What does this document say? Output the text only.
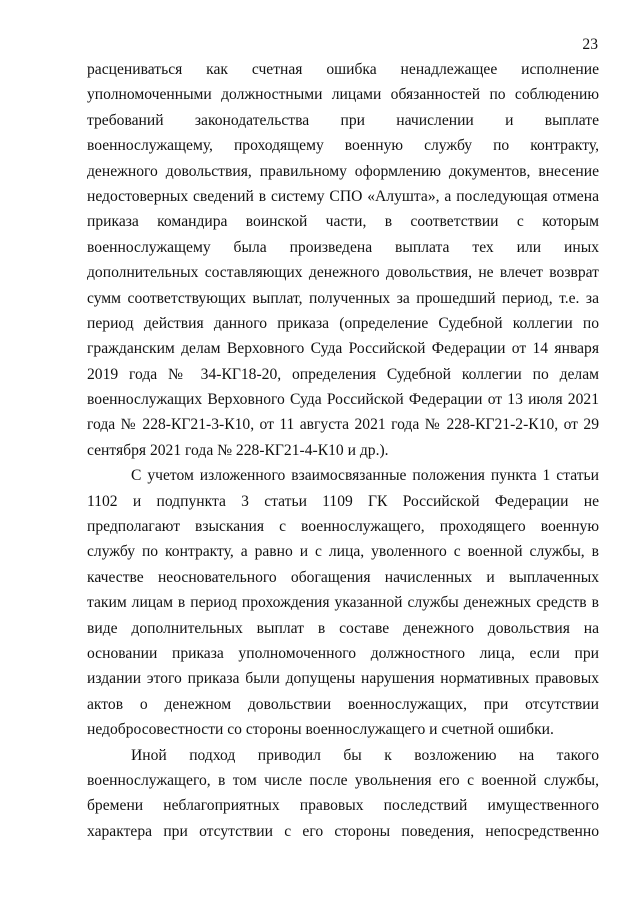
23
расцениваться как счетная ошибка ненадлежащее исполнение
уполномоченными должностными лицами обязанностей по соблюдению
требований законодательства при начислении и выплате
военнослужащему, проходящему военную службу по контракту,
денежного довольствия, правильному оформлению документов, внесение
недостоверных сведений в систему СПО «Алушта», а последующая отмена
приказа командира воинской части, в соответствии с которым
военнослужащему была произведена выплата тех или иных
дополнительных составляющих денежного довольствия, не влечет возврат
сумм соответствующих выплат, полученных за прошедший период, т.е. за
период действия данного приказа (определение Судебной коллегии по
гражданским делам Верховного Суда Российской Федерации от 14 января
2019 года № 34-КГ18-20, определения Судебной коллегии по делам
военнослужащих Верховного Суда Российской Федерации от 13 июля 2021
года № 228-КГ21-3-К10, от 11 августа 2021 года № 228-КГ21-2-К10, от 29
сентября 2021 года № 228-КГ21-4-К10 и др.).
С учетом изложенного взаимосвязанные положения пункта 1 статьи
1102 и подпункта 3 статьи 1109 ГК Российской Федерации не
предполагают взыскания с военнослужащего, проходящего военную
службу по контракту, а равно и с лица, уволенного с военной службы, в
качестве неосновательного обогащения начисленных и выплаченных
таким лицам в период прохождения указанной службы денежных средств в
виде дополнительных выплат в составе денежного довольствия на
основании приказа уполномоченного должностного лица, если при
издании этого приказа были допущены нарушения нормативных правовых
актов о денежном довольствии военнослужащих, при отсутствии
недобросовестности со стороны военнослужащего и счетной ошибки.
Иной подход приводил бы к возложению на такого
военнослужащего, в том числе после увольнения его с военной службы,
бремени неблагоприятных правовых последствий имущественного
характера при отсутствии с его стороны поведения, непосредственно
